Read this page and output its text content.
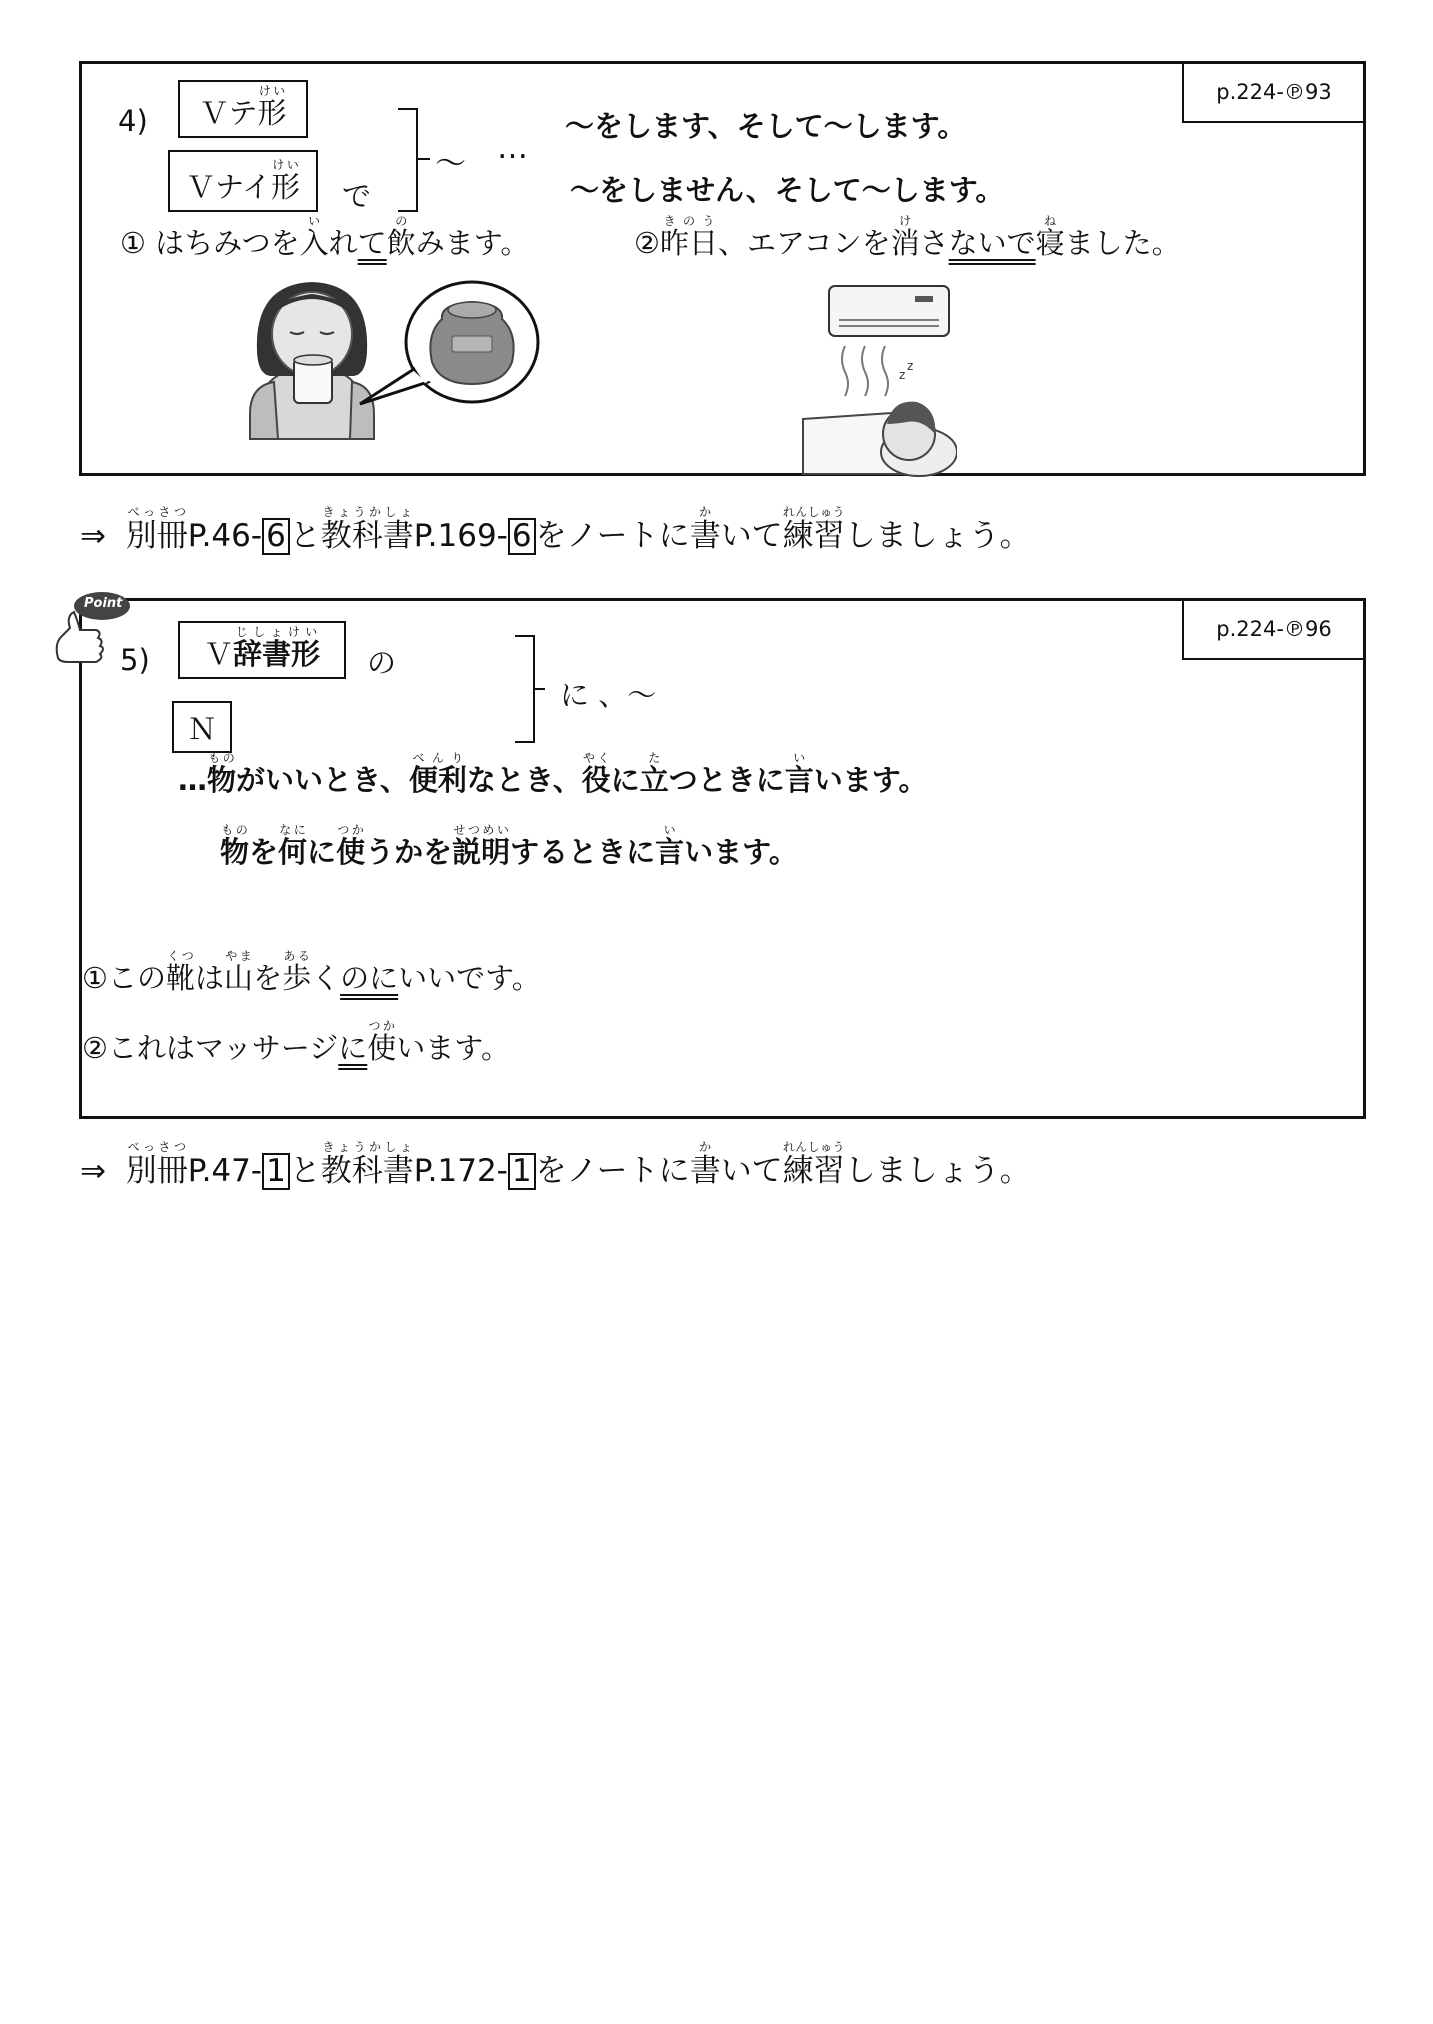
p.224-℗93
4) Ｖテ 形けい
Ｖナイ 形けい
で
～ …
～をします、そして～します。
～をしません、そして～します。
① はちみつを入いれて飲のみます。	②昨日きのう、エアコンを消けさないで寝ねました。
z
z
⇒ 別冊べっさつP.46- 6 と教科書きょうかしょP.169- 6 をノートに書かいて練習れんしゅうしましょう。
p.224-℗96
5) Ｖ 辞書形じしょけい
の
Ｎ
に 、～
…物ものがいいとき、便利べんりなとき、役やくに立たつときに言いいます。
物ものを何なにに使つかうかを説明せつめいするときに言いいます。
①この靴くつは山やまを歩あるくのにいいです。
②これはマッサージに使つかいます。
Point
⇒ 別冊べっさつP.47- 1 と教科書きょうかしょP.172- 1 をノートに書かいて練習れんしゅうしましょう。
